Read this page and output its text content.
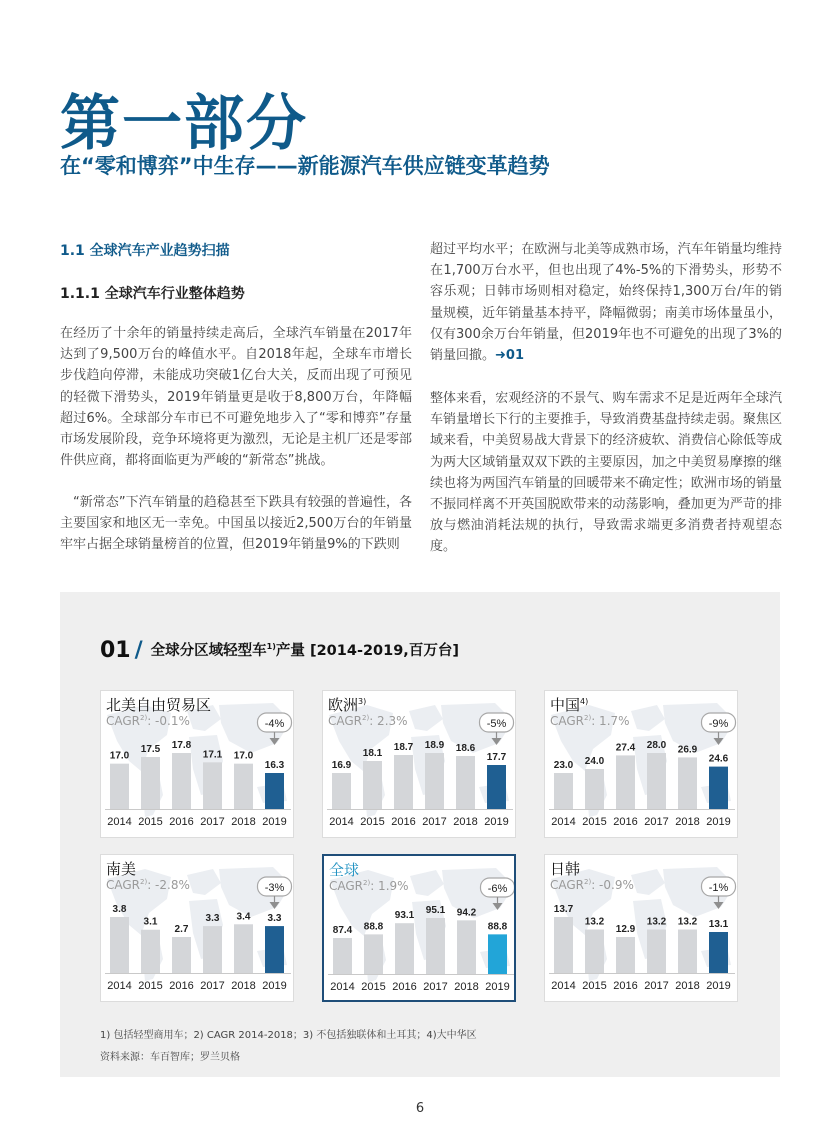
第一部分
在“零和博弈”中生存——新能源汽车供应链变革趋势
1.1 全球汽车产业趋势扫描
1.1.1 全球汽车行业整体趋势

在经历了十余年的销量持续走高后，全球汽车销量在2017年达到了9,500万台的峰值水平。自2018年起，全球车市增长步伐趋向停滞，未能成功突破1亿台大关，反而出现了可预见的轻微下滑势头，2019年销量更是收于8,800万台，年降幅超过6%。全球部分车市已不可避免地步入了“零和博弈”存量市场发展阶段，竞争环境将更为激烈，无论是主机厂还是零部件供应商，都将面临更为严峻的“新常态”挑战。

“新常态”下汽车销量的趋稳甚至下跌具有较强的普遍性，各主要国家和地区无一幸免。中国虽以接近2,500万台的年销量牢牢占据全球销量榜首的位置，但2019年销量9%的下跌则

超过平均水平；在欧洲与北美等成熟市场，汽车年销量均维持在1,700万台水平，但也出现了4%-5%的下滑势头，形势不容乐观；日韩市场则相对稳定，始终保持1,300万台/年的销量规模，近年销量基本持平，降幅微弱；南美市场体量虽小，仅有300余万台年销量，但2019年也不可避免的出现了3%的销量回撤。➜01

整体来看，宏观经济的不景气、购车需求不足是近两年全球汽车销量增长下行的主要推手，导致消费基盘持续走弱。聚焦区域来看，中美贸易战大背景下的经济疲软、消费信心除低等成为两大区域销量双双下跌的主要原因，加之中美贸易摩擦的继续也将为两国汽车销量的回暖带来不确定性；欧洲市场的销量不振同样离不开英国脱欧带来的动荡影响，叠加更为严苛的排放与燃油消耗法规的执行，导致需求端更多消费者持观望态度。

01 / 全球分区域轻型车$^{1)}$产量 [2014-2019,百万台]
17.0
2014
17.5
2015
17.8
2016
17.1
2017
17.0
2018
16.3
2019
-4%
北美自由贸易区
CAGR$^{2)}$: -0.1%
16.9
2014
18.1
2015
18.7
2016
18.9
2017
18.6
2018
17.7
2019
-5%
欧洲$^{3)}$
CAGR$^{2)}$: 2.3%
23.0
2014
24.0
2015
27.4
2016
28.0
2017
26.9
2018
24.6
2019
-9%
中国$^{4)}$
CAGR$^{2)}$: 1.7%
3.8
2014
3.1
2015
2.7
2016
3.3
2017
3.4
2018
3.3
2019
-3%
南美
CAGR$^{2)}$: -2.8%
87.4
2014
88.8
2015
93.1
2016
95.1
2017
94.2
2018
88.8
2019
-6%
全球
CAGR$^{2)}$: 1.9%
13.7
2014
13.2
2015
12.9
2016
13.2
2017
13.2
2018
13.1
2019
-1%
日韩
CAGR$^{2)}$: -0.9%
1) 包括轻型商用车；2) CAGR 2014-2018；3) 不包括独联体和土耳其；4)大中华区
资料来源：车百智库；罗兰贝格
6
